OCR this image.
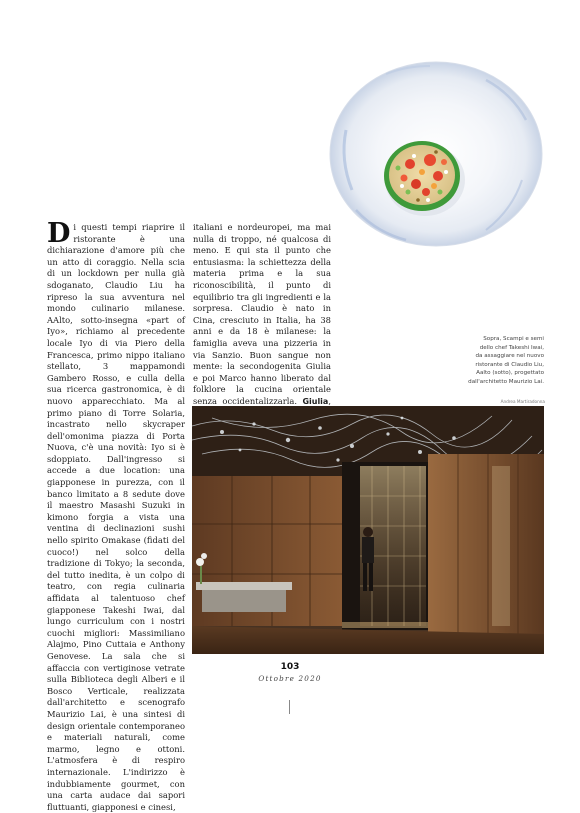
Di questi tempi riaprire il ristorante è una dichiarazione d'amore più che un atto di coraggio. Nella scia di un lockdown per nulla già sdoganato, Claudio Liu ha ripreso la sua avventura nel mondo culinario milanese. AAlto, sotto-insegna «part of Iyo», richiamo al precedente locale Iyo di via Piero della Francesca, primo nippo italiano stellato, 3 mappamondi Gambero Rosso, e culla della sua ricerca gastronomica, è di nuovo apparecchiato. Ma al primo piano di Torre Solaria, incastrato nello skycraper dell'omonima piazza di Porta Nuova, c'è una novità: Iyo si è sdoppiato. Dall'ingresso si accede a due location: una giapponese in purezza, con il banco limitato a 8 sedute dove il maestro Masashi Suzuki in kimono forgia a vista una ventina di declinazioni sushi nello spirito Omakase (fidati del cuoco!) nel solco della tradizione di Tokyo; la seconda, del tutto inedita, è un colpo di teatro, con regia culinaria affidata al talentuoso chef giapponese Takeshi Iwai, dal lungo curriculum con i nostri cuochi migliori: Massimiliano Alajmo, Pino Cuttaia e Anthony Genovese. La sala che si affaccia con vertiginose vetrate sulla Biblioteca degli Alberi e il Bosco Verticale, realizzata dall'architetto e scenografo Maurizio Lai, è una sintesi di design orientale contemporaneo e materiali naturali, come marmo, legno e ottoni. L'atmosfera è di respiro internazionale. L'indirizzo è indubbiamente gourmet, con una carta audace dai sapori fluttuanti, giapponesi e cinesi,

italiani e nordeuropei, ma mai nulla di troppo, né qualcosa di meno. E qui sta il punto che entusiasma: la schiettezza della materia prima e la sua riconoscibilità, il punto di equilibrio tra gli ingredienti e la sorpresa. Claudio è nato in Cina, cresciuto in Italia, ha 38 anni e da 18 è milanese: la famiglia aveva una pizzeria in via Sanzio. Buon sangue non mente: la secondogenita Giulia e poi Marco hanno liberato dal folklore la cucina orientale senza occidentalizzarla. Giulia,

Sopra, Scampi e semi
dello chef Takeshi Iwai,
da assaggiare nel nuovo
ristorante di Claudio Liu,
Aalto (sotto), progettato
dall'architetto Maurizio Lai.
Andrea Martiradonna
103
Ottobre 2020
